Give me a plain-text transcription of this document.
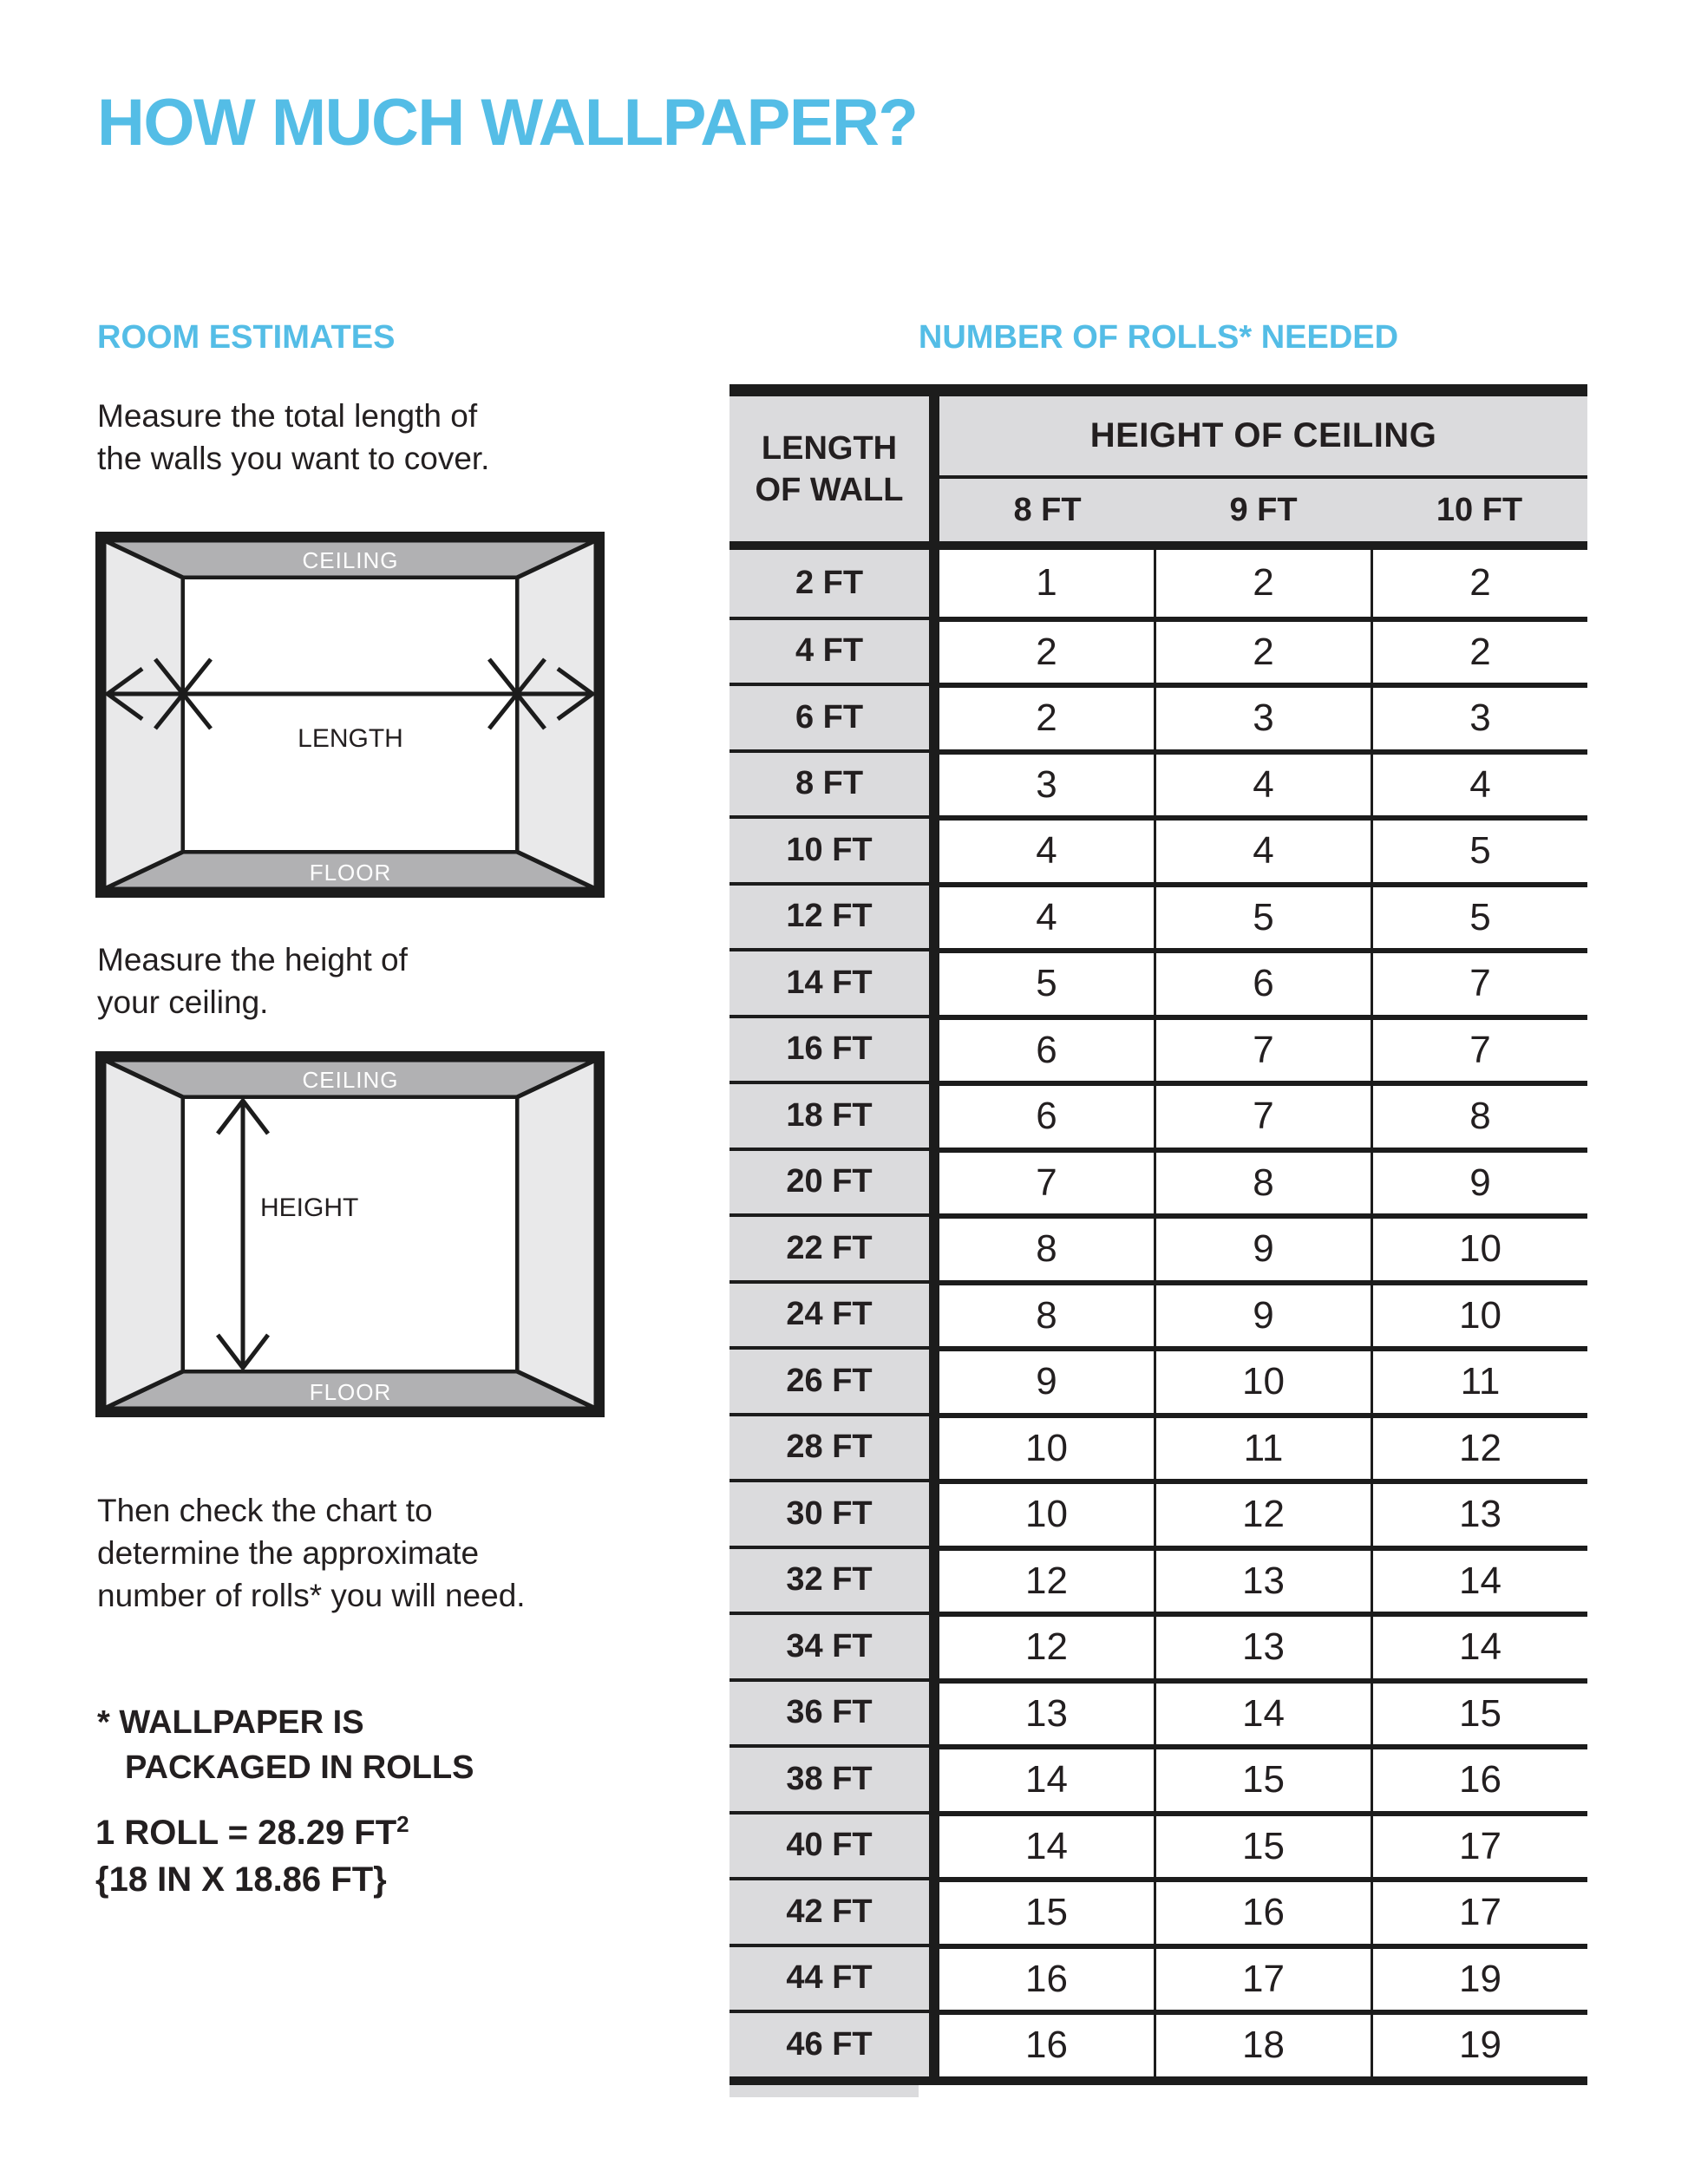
HOW MUCH WALLPAPER?
ROOM ESTIMATES	NUMBER OF ROLLS* NEEDED
Measure the total length of
the walls you want to cover.
CEILING
FLOOR
LENGTH
Measure the height of
your ceiling.
CEILING
FLOOR
HEIGHT
Then check the chart to
determine the approximate
number of rolls* you will need.
* WALLPAPER IS
PACKAGED IN ROLLS
1 ROLL = 28.29 $FT^2$
{18 IN X 18.86 FT}
LENGTH
OF WALL
HEIGHT OF CEILING
8 FT	9 FT	10 FT
2 FT	1	2	2
4 FT	2	2	2
6 FT	2	3	3
8 FT	3	4	4
10 FT	4	4	5
12 FT	4	5	5
14 FT	5	6	7
16 FT	6	7	7
18 FT	6	7	8
20 FT	7	8	9
22 FT	8	9	10
24 FT	8	9	10
26 FT	9	10	11
28 FT	10	11	12
30 FT	10	12	13
32 FT	12	13	14
34 FT	12	13	14
36 FT	13	14	15
38 FT	14	15	16
40 FT	14	15	17
42 FT	15	16	17
44 FT	16	17	19
46 FT	16	18	19
